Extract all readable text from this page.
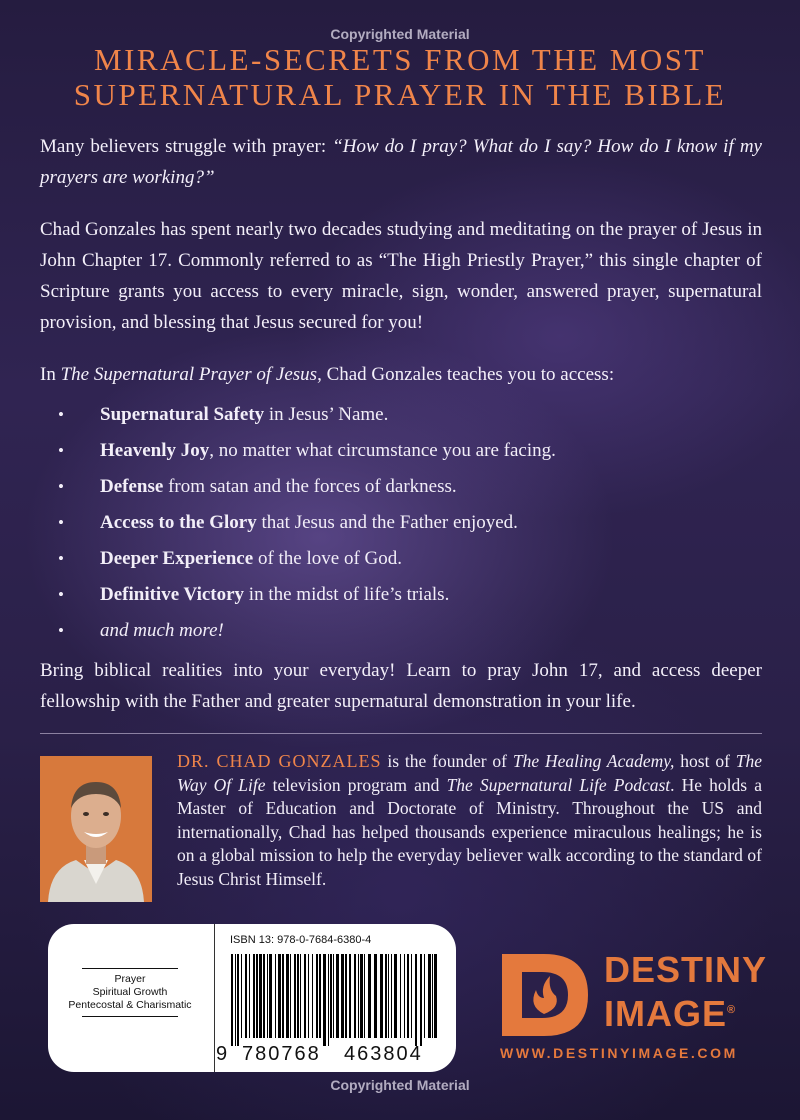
Copyrighted Material
MIRACLE-SECRETS FROM THE MOST
SUPERNATURAL PRAYER IN THE BIBLE
Many believers struggle with prayer: “How do I pray? What do I say? How do I know if my prayers are working?”
Chad Gonzales has spent nearly two decades studying and meditating on the prayer of Jesus in John Chapter 17. Commonly referred to as “The High Priestly Prayer,” this single chapter of Scripture grants you access to every miracle, sign, wonder, answered prayer, supernatural provision, and blessing that Jesus secured for you!
In The Supernatural Prayer of Jesus, Chad Gonzales teaches you to access:
• Supernatural Safety in Jesus’ Name.
• Heavenly Joy, no matter what circumstance you are facing.
• Defense from satan and the forces of darkness.
• Access to the Glory that Jesus and the Father enjoyed.
• Deeper Experience of the love of God.
• Definitive Victory in the midst of life’s trials.
• and much more!
Bring biblical realities into your everyday! Learn to pray John 17, and access deeper fellowship with the Father and greater supernatural demonstration in your life.
DR. CHAD GONZALES is the founder of The Healing Academy, host of The Way Of Life television program and The Supernatural Life Podcast. He holds a Master of Education and Doctorate of Ministry. Throughout the US and internationally, Chad has helped thousands experience miraculous healings; he is on a global mission to help the everyday believer walk according to the standard of Jesus Christ Himself.
Prayer
Spiritual Growth
Pentecostal & Charismatic
ISBN 13: 978-0-7684-6380-4
9 780768 463804
DESTINY
IMAGE®
WWW.DESTINYIMAGE.COM
Copyrighted Material
